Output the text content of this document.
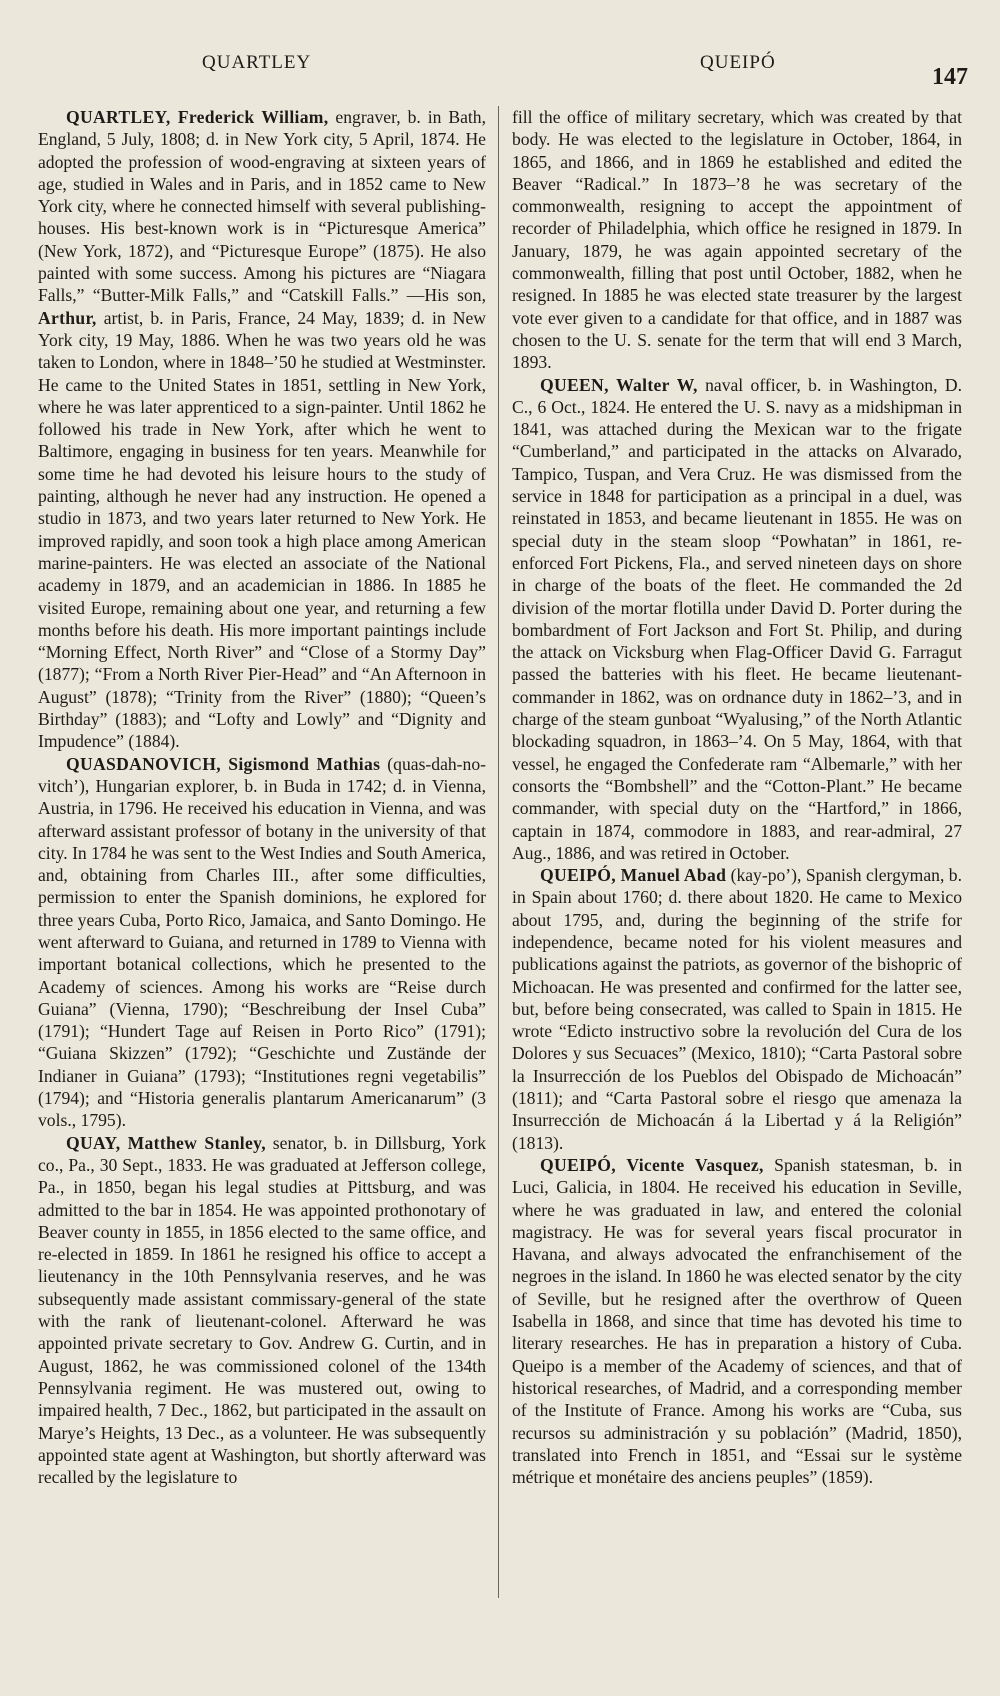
QUARTLEY	QUEIPÓ
147

QUARTLEY, Frederick William, engraver, b. in Bath, England, 5 July, 1808; d. in New York city, 5 April, 1874. He adopted the profession of wood-engraving at sixteen years of age, studied in Wales and in Paris, and in 1852 came to New York city, where he connected himself with several publishing-houses. His best-known work is in “Picturesque America” (New York, 1872), and “Picturesque Europe” (1875). He also painted with some success. Among his pictures are “Niagara Falls,” “Butter-Milk Falls,” and “Catskill Falls.” —His son, Arthur, artist, b. in Paris, France, 24 May, 1839; d. in New York city, 19 May, 1886. When he was two years old he was taken to London, where in 1848–’50 he studied at Westminster. He came to the United States in 1851, settling in New York, where he was later apprenticed to a sign-painter. Until 1862 he followed his trade in New York, after which he went to Baltimore, engaging in business for ten years. Meanwhile for some time he had devoted his leisure hours to the study of painting, although he never had any instruction. He opened a studio in 1873, and two years later returned to New York. He improved rapidly, and soon took a high place among American marine-painters. He was elected an associate of the National academy in 1879, and an academician in 1886. In 1885 he visited Europe, remaining about one year, and returning a few months before his death. His more important paintings include “Morning Effect, North River” and “Close of a Stormy Day” (1877); “From a North River Pier-Head” and “An Afternoon in August” (1878); “Trinity from the River” (1880); “Queen’s Birthday” (1883); and “Lofty and Lowly” and “Dignity and Impudence” (1884).

QUASDANOVICH, Sigismond Mathias (quas-dah-no-vitch’), Hungarian explorer, b. in Buda in 1742; d. in Vienna, Austria, in 1796. He received his education in Vienna, and was afterward assistant professor of botany in the university of that city. In 1784 he was sent to the West Indies and South America, and, obtaining from Charles III., after some difficulties, permission to enter the Spanish dominions, he explored for three years Cuba, Porto Rico, Jamaica, and Santo Domingo. He went afterward to Guiana, and returned in 1789 to Vienna with important botanical collections, which he presented to the Academy of sciences. Among his works are “Reise durch Guiana” (Vienna, 1790); “Beschreibung der Insel Cuba” (1791); “Hundert Tage auf Reisen in Porto Rico” (1791); “Guiana Skizzen” (1792); “Geschichte und Zustände der Indianer in Guiana” (1793); “Institutiones regni vegetabilis” (1794); and “Historia generalis plantarum Americanarum” (3 vols., 1795).

QUAY, Matthew Stanley, senator, b. in Dillsburg, York co., Pa., 30 Sept., 1833. He was graduated at Jefferson college, Pa., in 1850, began his legal studies at Pittsburg, and was admitted to the bar in 1854. He was appointed prothonotary of Beaver county in 1855, in 1856 elected to the same office, and re-elected in 1859. In 1861 he resigned his office to accept a lieutenancy in the 10th Pennsylvania reserves, and he was subsequently made assistant commissary-general of the state with the rank of lieutenant-colonel. Afterward he was appointed private secretary to Gov. Andrew G. Curtin, and in August, 1862, he was commissioned colonel of the 134th Pennsylvania regiment. He was mustered out, owing to impaired health, 7 Dec., 1862, but participated in the assault on Marye’s Heights, 13 Dec., as a volunteer. He was subsequently appointed state agent at Washington, but shortly afterward was recalled by the legislature to

fill the office of military secretary, which was created by that body. He was elected to the legislature in October, 1864, in 1865, and 1866, and in 1869 he established and edited the Beaver “Radical.” In 1873–’8 he was secretary of the commonwealth, resigning to accept the appointment of recorder of Philadelphia, which office he resigned in 1879. In January, 1879, he was again appointed secretary of the commonwealth, filling that post until October, 1882, when he resigned. In 1885 he was elected state treasurer by the largest vote ever given to a candidate for that office, and in 1887 was chosen to the U. S. senate for the term that will end 3 March, 1893.

QUEEN, Walter W, naval officer, b. in Washington, D. C., 6 Oct., 1824. He entered the U. S. navy as a midshipman in 1841, was attached during the Mexican war to the frigate “Cumberland,” and participated in the attacks on Alvarado, Tampico, Tuspan, and Vera Cruz. He was dismissed from the service in 1848 for participation as a principal in a duel, was reinstated in 1853, and became lieutenant in 1855. He was on special duty in the steam sloop “Powhatan” in 1861, re-enforced Fort Pickens, Fla., and served nineteen days on shore in charge of the boats of the fleet. He commanded the 2d division of the mortar flotilla under David D. Porter during the bombardment of Fort Jackson and Fort St. Philip, and during the attack on Vicksburg when Flag-Officer David G. Farragut passed the batteries with his fleet. He became lieutenant-commander in 1862, was on ordnance duty in 1862–’3, and in charge of the steam gunboat “Wyalusing,” of the North Atlantic blockading squadron, in 1863–’4. On 5 May, 1864, with that vessel, he engaged the Confederate ram “Albemarle,” with her consorts the “Bombshell” and the “Cotton-Plant.” He became commander, with special duty on the “Hartford,” in 1866, captain in 1874, commodore in 1883, and rear-admiral, 27 Aug., 1886, and was retired in October.

QUEIPÓ, Manuel Abad (kay-po’), Spanish clergyman, b. in Spain about 1760; d. there about 1820. He came to Mexico about 1795, and, during the beginning of the strife for independence, became noted for his violent measures and publications against the patriots, as governor of the bishopric of Michoacan. He was presented and confirmed for the latter see, but, before being consecrated, was called to Spain in 1815. He wrote “Edicto instructivo sobre la revolución del Cura de los Dolores y sus Secuaces” (Mexico, 1810); “Carta Pastoral sobre la Insurrección de los Pueblos del Obispado de Michoacán” (1811); and “Carta Pastoral sobre el riesgo que amenaza la Insurrección de Michoacán á la Libertad y á la Religión” (1813).

QUEIPÓ, Vicente Vasquez, Spanish statesman, b. in Luci, Galicia, in 1804. He received his education in Seville, where he was graduated in law, and entered the colonial magistracy. He was for several years fiscal procurator in Havana, and always advocated the enfranchisement of the negroes in the island. In 1860 he was elected senator by the city of Seville, but he resigned after the overthrow of Queen Isabella in 1868, and since that time has devoted his time to literary researches. He has in preparation a history of Cuba. Queipo is a member of the Academy of sciences, and that of historical researches, of Madrid, and a corresponding member of the Institute of France. Among his works are “Cuba, sus recursos su administración y su población” (Madrid, 1850), translated into French in 1851, and “Essai sur le système métrique et monétaire des anciens peuples” (1859).
